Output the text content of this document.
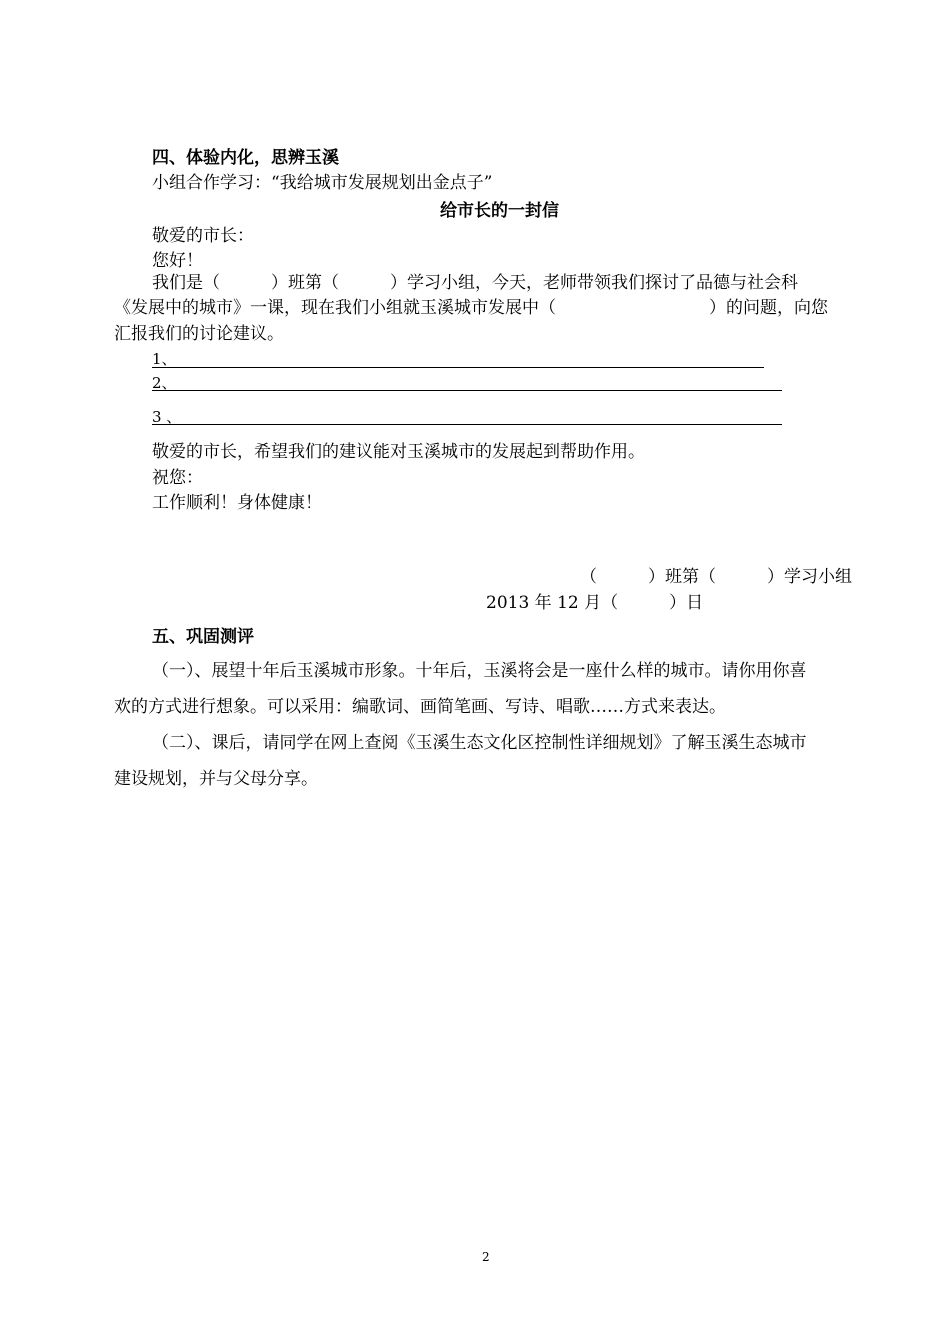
四、体验内化，思辨玉溪
小组合作学习：“我给城市发展规划出金点子”
给市长的一封信
敬爱的市长：
您好！
我们是（　　　）班第（　　　）学习小组，今天，老师带领我们探讨了品德与社会科
《发展中的城市》一课，现在我们小组就玉溪城市发展中（　　　　　　　　　）的问题，向您
汇报我们的讨论建议。
1、
2、
3 、
敬爱的市长，希望我们的建议能对玉溪城市的发展起到帮助作用。
祝您：
工作顺利！身体健康！
（　　　）班第（　　　）学习小组
2013 年 12 月（　　　）日
五、巩固测评
（一）、展望十年后玉溪城市形象。十年后，玉溪将会是一座什么样的城市。请你用你喜
欢的方式进行想象。可以采用：编歌词、画简笔画、写诗、唱歌……方式来表达。
（二）、课后，请同学在网上查阅《玉溪生态文化区控制性详细规划》了解玉溪生态城市
建设规划，并与父母分享。
2
